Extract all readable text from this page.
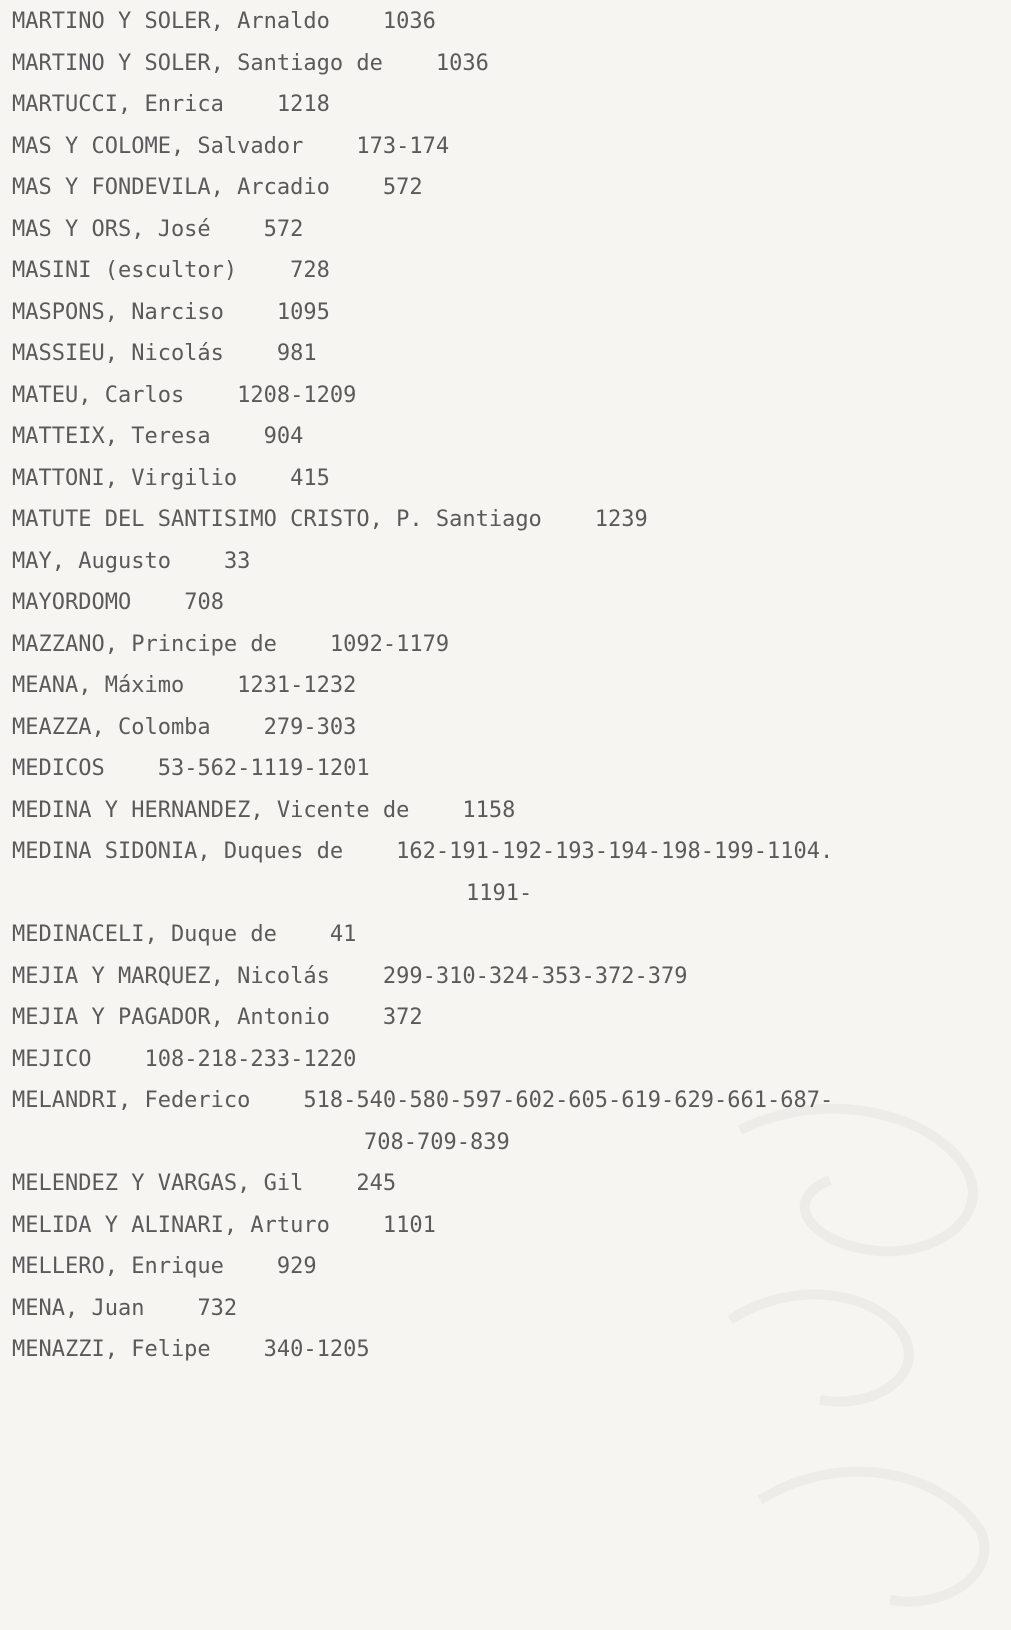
MARTINO Y SOLER, Arnaldo 1036
MARTINO Y SOLER, Santiago de 1036
MARTUCCI, Enrica 1218
MAS Y COLOME, Salvador 173-174
MAS Y FONDEVILA, Arcadio 572
MAS Y ORS, José 572
MASINI (escultor) 728
MASPONS, Narciso 1095
MASSIEU, Nicolás 981
MATEU, Carlos 1208-1209
MATTEIX, Teresa 904
MATTONI, Virgilio 415
MATUTE DEL SANTISIMO CRISTO, P. Santiago 1239
MAY, Augusto 33
MAYORDOMO 708
MAZZANO, Principe de 1092-1179
MEANA, Máximo 1231-1232
MEAZZA, Colomba 279-303
MEDICOS 53-562-1119-1201
MEDINA Y HERNANDEZ, Vicente de 1158
MEDINA SIDONIA, Duques de 162-191-192-193-194-198-199-1104.
1191-
MEDINACELI, Duque de 41
MEJIA Y MARQUEZ, Nicolás 299-310-324-353-372-379
MEJIA Y PAGADOR, Antonio 372
MEJICO 108-218-233-1220
MELANDRI, Federico 518-540-580-597-602-605-619-629-661-687-
708-709-839
MELENDEZ Y VARGAS, Gil 245
MELIDA Y ALINARI, Arturo 1101
MELLERO, Enrique 929
MENA, Juan 732
MENAZZI, Felipe 340-1205
